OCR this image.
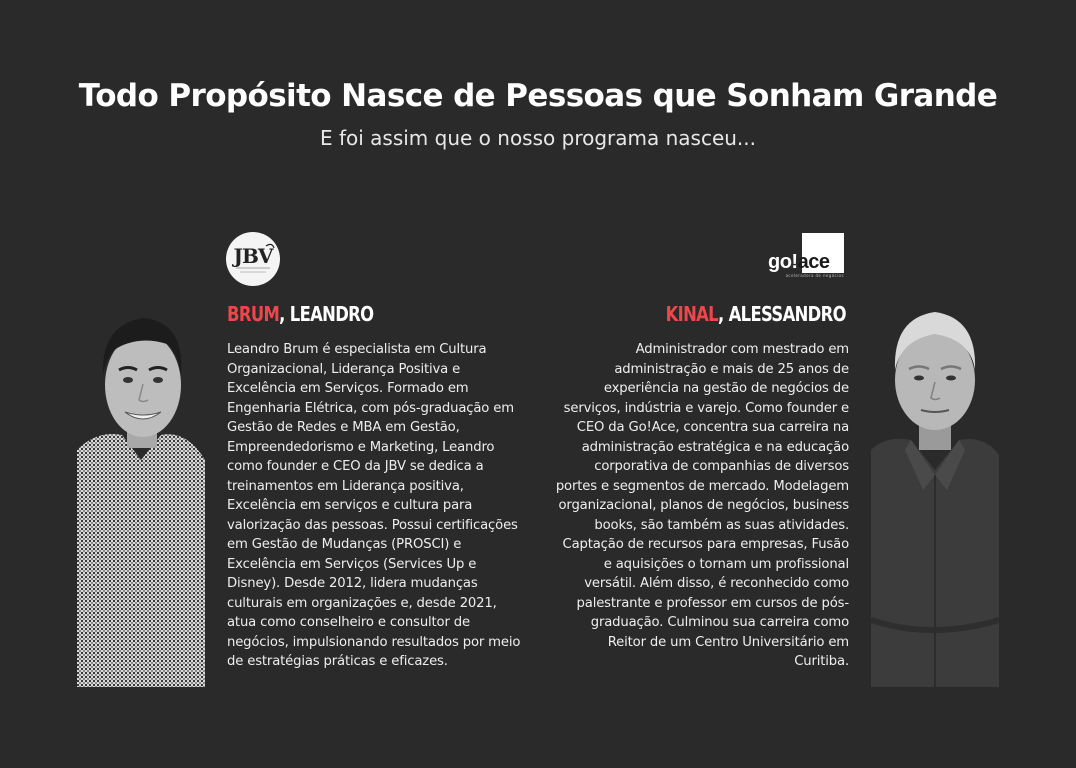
Todo Propósito Nasce de Pessoas que Sonham Grande
E foi assim que o nosso programa nasceu...
JBV
BRUM, LEANDRO
Leandro Brum é especialista em Cultura Organizacional, Liderança Positiva e Excelência em Serviços. Formado em Engenharia Elétrica, com pós-graduação em Gestão de Redes e MBA em Gestão, Empreendedorismo e Marketing, Leandro como founder e CEO da JBV se dedica a treinamentos em Liderança positiva, Excelência em serviços e cultura para valorização das pessoas. Possui certificações em Gestão de Mudanças (PROSCI) e Excelência em Serviços (Services Up e Disney). Desde 2012, lidera mudanças culturais em organizações e, desde 2021, atua como conselheiro e consultor de negócios, impulsionando resultados por meio de estratégias práticas e eficazes.
go!ace
aceleradora de negócios
KINAL, ALESSANDRO
Administrador com mestrado em administração e mais de 25 anos de experiência na gestão de negócios de serviços, indústria e varejo. Como founder e CEO da Go!Ace, concentra sua carreira na administração estratégica e na educação corporativa de companhias de diversos portes e segmentos de mercado. Modelagem organizacional, planos de negócios, business books, são também as suas atividades. Captação de recursos para empresas, Fusão e aquisições o tornam um profissional versátil. Além disso, é reconhecido como palestrante e professor em cursos de pós-graduação. Culminou sua carreira como Reitor de um Centro Universitário em Curitiba.
